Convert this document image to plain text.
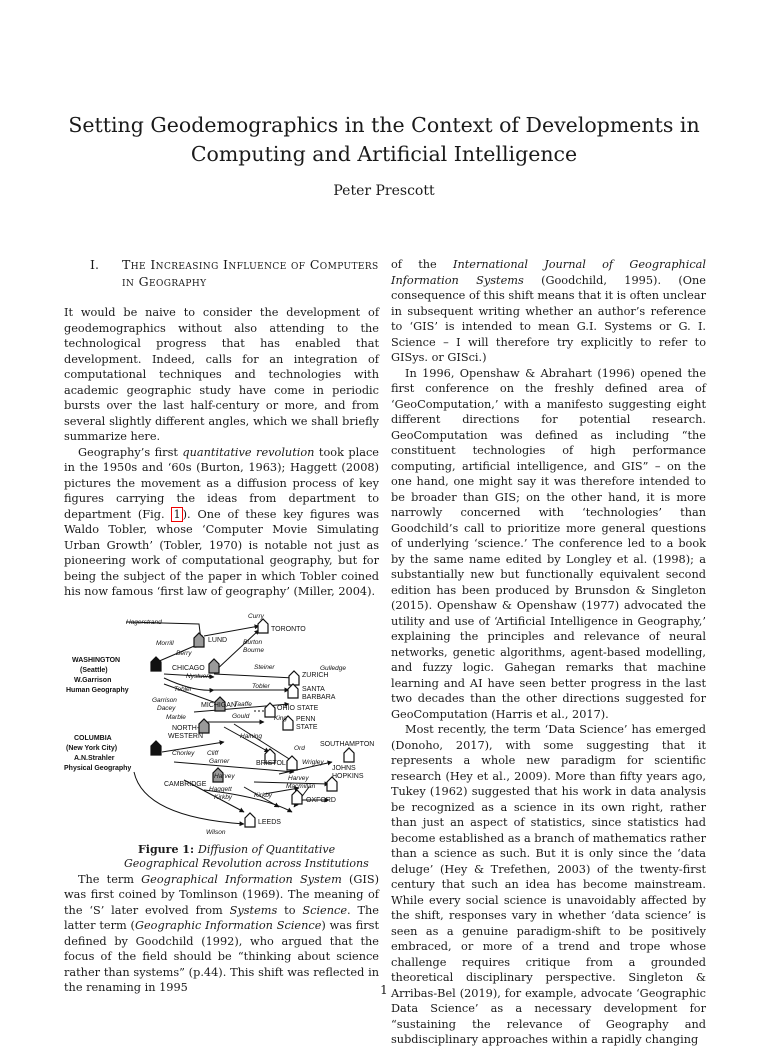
Setting Geodemographics in the Context of Developments in
Computing and Artificial Intelligence
Peter Prescott
I.	The Increasing Influence of Computers in Geography

It would be naive to consider the development of geodemographics without also attending to the technological progress that has enabled that development. Indeed, calls for an integration of computational techniques and technologies with academic geographic study have come in periodic bursts over the last half-century or more, and from several slightly different angles, which we shall briefly summarize here.

Geography’s first quantitative revolution took place in the 1950s and ‘60s (Burton, 1963); Haggett (2008) pictures the movement as a diffusion process of key figures carrying the ideas from department to department (Fig. 1 ). One of these key figures was Waldo Tobler, whose ‘Computer Movie Simulating Urban Growth’ (Tobler, 1970) is notable not just as pioneering work of computational geography, but for being the subject of the paper in which Tobler coined his now famous ‘first law of geography’ (Miller, 2004).

WASHINGTON
(Seattle)
W.Garrison
Human Geography
COLUMBIA
(New York City)
A.N.Strahler
Physical Geography
LUND
TORONTO
CHICAGO
ZURICH
SANTA
BARBARA
MICHIGAN	OHIO STATE
PENN
STATE
NORTH-
WESTERN
SOUTHAMPTON
BRISTOL
JOHNS
HOPKINS
CAMBRIDGE
OXFORD
LEEDS
Hagerstrand
Curry
Morrill	Burton
Bourne
Berry
Steiner	Gulledge
Nystuen
Tobler	Tobler
Garrison
Dacey
Marble
Taaffe
King
Gould
Haining
Ord
Chorley Cliff
Garner	Wrigley
Harvey	Harvey
Haggett
Kirkby	Kirkby
Macmillan
Wilson

Figure 1: Diffusion of Quantitative Geographical Revolution across Institutions

The term Geographical Information System (GIS) was first coined by Tomlinson (1969). The meaning of the ‘S’ later evolved from Systems to Science. The latter term (Geographic Information Science) was first defined by Goodchild (1992), who argued that the focus of the field should be “thinking about science rather than systems” (p.44). This shift was reflected in the renaming in 1995

of the International Journal of Geographical Information Systems (Goodchild, 1995). (One consequence of this shift means that it is often unclear in subsequent writing whether an author’s reference to ‘GIS’ is intended to mean G.I. Systems or G. I. Science – I will therefore try explicitly to refer to GISys. or GISci.)

In 1996, Openshaw & Abrahart (1996) opened the first conference on the freshly defined area of ‘GeoComputation,’ with a manifesto suggesting eight different directions for potential research. GeoComputation was defined as including “the constituent technologies of high performance computing, artificial intelligence, and GIS” – on the one hand, one might say it was therefore intended to be broader than GIS; on the other hand, it is more narrowly concerned with ‘technologies’ than Goodchild’s call to prioritize more general questions of underlying ‘science.’ The conference led to a book by the same name edited by Longley et al. (1998); a substantially new but functionally equivalent second edition has been produced by Brunsdon & Singleton (2015). Openshaw & Openshaw (1977) advocated the utility and use of ‘Artificial Intelligence in Geography,’ explaining the principles and relevance of neural networks, genetic algorithms, agent-based modelling, and fuzzy logic. Gahegan remarks that machine learning and AI have seen better progress in the last two decades than the other directions suggested for GeoComputation (Harris et al., 2017).

Most recently, the term ‘Data Science’ has emerged (Donoho, 2017), with some suggesting that it represents a whole new paradigm for scientific research (Hey et al., 2009). More than fifty years ago, Tukey (1962) suggested that his work in data analysis be recognized as a science in its own right, rather than just an aspect of statistics, since statistics had become established as a branch of mathematics rather than a science as such. But it is only since the ‘data deluge’ (Hey & Trefethen, 2003) of the twenty-first century that such an idea has become mainstream. While every social science is unavoidably affected by the shift, responses vary in whether ‘data science’ is seen as a genuine paradigm-shift to be positively embraced, or more of a trend and trope whose challenge requires critique from a grounded theoretical disciplinary perspective. Singleton & Arribas-Bel (2019), for example, advocate ‘Geographic Data Science’ as a necessary development for “sustaining the relevance of Geography and subdisciplinary approaches within a rapidly changing

1
